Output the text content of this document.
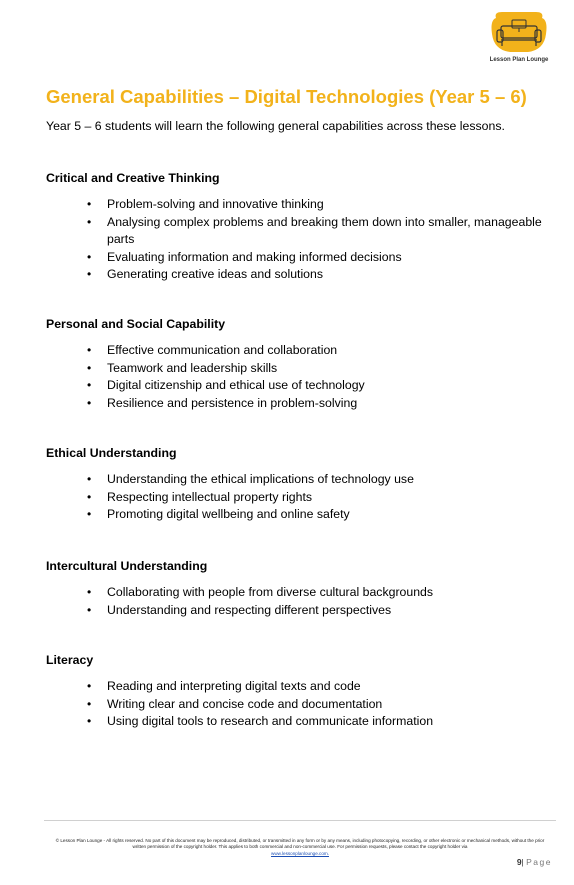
Lesson Plan Lounge
General Capabilities – Digital Technologies (Year 5 – 6)

Year 5 – 6 students will learn the following general capabilities across these lessons.

Critical and Creative Thinking
• Problem-solving and innovative thinking
• Analysing complex problems and breaking them down into smaller, manageable parts
• Evaluating information and making informed decisions
• Generating creative ideas and solutions
Personal and Social Capability
• Effective communication and collaboration
• Teamwork and leadership skills
• Digital citizenship and ethical use of technology
• Resilience and persistence in problem-solving
Ethical Understanding
• Understanding the ethical implications of technology use
• Respecting intellectual property rights
• Promoting digital wellbeing and online safety
Intercultural Understanding
• Collaborating with people from diverse cultural backgrounds
• Understanding and respecting different perspectives
Literacy
• Reading and interpreting digital texts and code
• Writing clear and concise code and documentation
• Using digital tools to research and communicate information
© Lesson Plan Lounge - All rights reserved. No part of this document may be reproduced, distributed, or transmitted in any form or by any means, including photocopying, recording, or other electronic or mechanical methods, without the prior written permission of the copyright holder. This applies to both commercial and non-commercial use. For permission requests, please contact the copyright holder via
www.lessonplanlounge.com.
9| Page
